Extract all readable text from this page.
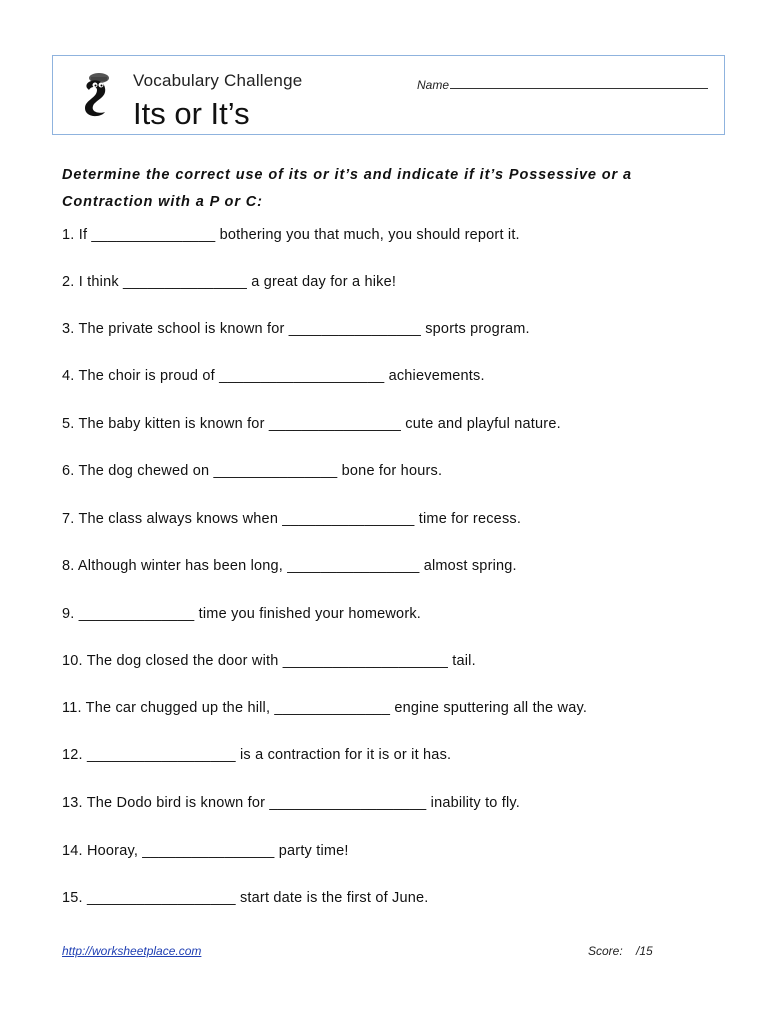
Vocabulary Challenge
Its or It’s
Name
Determine the correct use of its or it’s and indicate if it’s Possessive or a Contraction with a P or C:
1. If _______________ bothering you that much, you should report it.
2. I think _______________ a great day for a hike!
3. The private school is known for ________________ sports program.
4. The choir is proud of ____________________ achievements.
5. The baby kitten is known for ________________ cute and playful nature.
6. The dog chewed on _______________ bone for hours.
7. The class always knows when ________________ time for recess.
8. Although winter has been long, ________________ almost spring.
9. ______________ time you finished your homework.
10. The dog closed the door with ____________________ tail.
11. The car chugged up the hill, ______________ engine sputtering all the way.
12. __________________ is a contraction for it is or it has.
13. The Dodo bird is known for ___________________ inability to fly.
14. Hooray, ________________ party time!
15. __________________ start date is the first of June.
http://worksheetplace.com	Score:    /15
